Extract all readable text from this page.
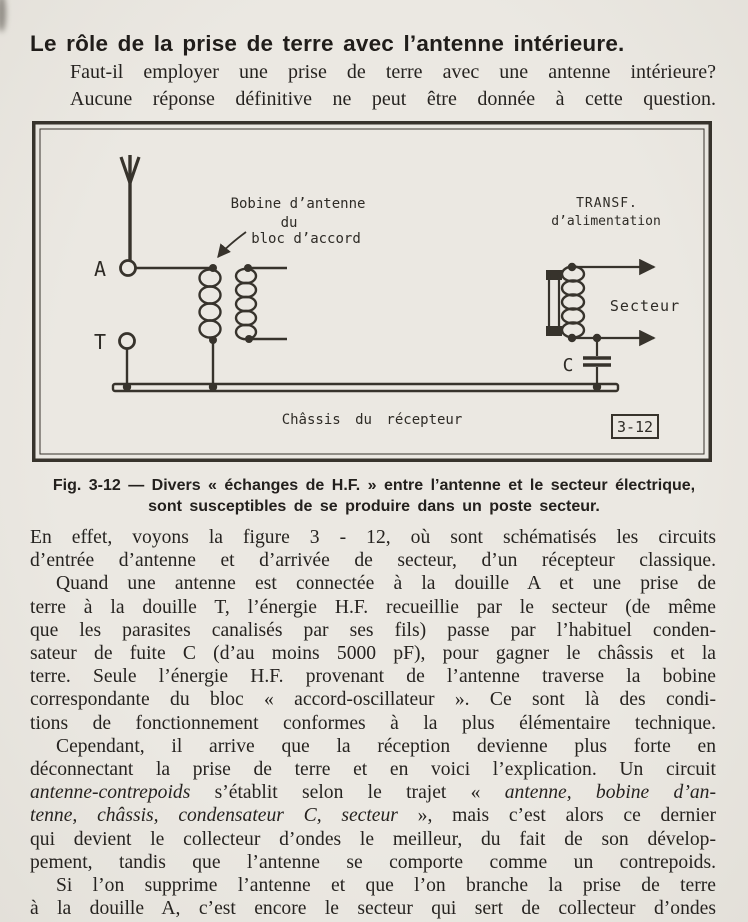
Le rôle de la prise de terre avec l’antenne intérieure.
Faut-il employer une prise de terre avec une antenne intérieure?
Aucune réponse définitive ne peut être donnée à cette question.
A
Bobine d’antenne
du
bloc d’accord
T
Châssis du récepteur
TRANSF.
d’alimentation
Secteur
C
3-12
Fig. 3-12 — Divers « échanges de H.F. » entre l’antenne et le secteur électrique,
sont susceptibles de se produire dans un poste secteur.
En effet, voyons la figure 3 - 12, où sont schématisés les circuits
d’entrée d’antenne et d’arrivée de secteur, d’un récepteur classique.
Quand une antenne est connectée à la douille A et une prise de
terre à la douille T, l’énergie H.F. recueillie par le secteur (de même
que les parasites canalisés par ses fils) passe par l’habituel conden-
sateur de fuite C (d’au moins 5000 pF), pour gagner le châssis et la
terre. Seule l’énergie H.F. provenant de l’antenne traverse la bobine
correspondante du bloc « accord-oscillateur ». Ce sont là des condi-
tions de fonctionnement conformes à la plus élémentaire technique.
Cependant, il arrive que la réception devienne plus forte en
déconnectant la prise de terre et en voici l’explication. Un circuit
antenne-contrepoids s’établit selon le trajet « antenne, bobine d’an-
tenne, châssis, condensateur C, secteur », mais c’est alors ce dernier
qui devient le collecteur d’ondes le meilleur, du fait de son dévelop-
pement, tandis que l’antenne se comporte comme un contrepoids.
Si l’on supprime l’antenne et que l’on branche la prise de terre
à la douille A, c’est encore le secteur qui sert de collecteur d’ondes
